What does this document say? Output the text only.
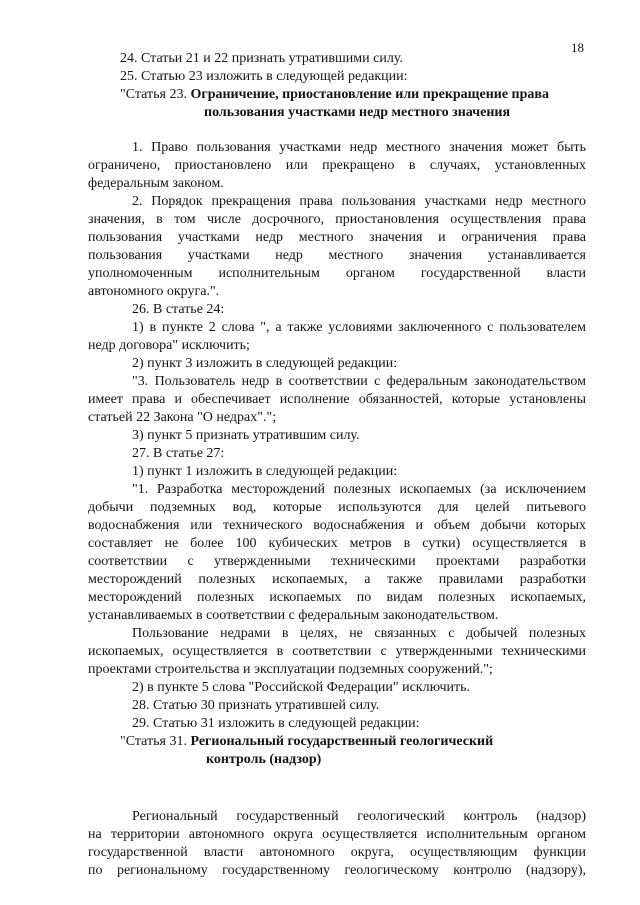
18
24. Статьи 21 и 22 признать утратившими силу.
25. Статью 23 изложить в следующей редакции:
"Статья 23. Ограничение, приостановление или прекращение права
пользования участками недр местного значения
1. Право пользования участками недр местного значения может быть
ограничено, приостановлено или прекращено в случаях, установленных
федеральным законом.
2. Порядок прекращения права пользования участками недр местного
значения, в том числе досрочного, приостановления осуществления права
пользования участками недр местного значения и ограничения права
пользования участками недр местного значения устанавливается
уполномоченным исполнительным органом государственной власти
автономного округа.".
26. В статье 24:
1) в пункте 2 слова ", а также условиями заключенного с пользователем
недр договора" исключить;
2) пункт 3 изложить в следующей редакции:
"3. Пользователь недр в соответствии с федеральным законодательством
имеет права и обеспечивает исполнение обязанностей, которые установлены
статьей 22 Закона "О недрах".";
3) пункт 5 признать утратившим силу.
27. В статье 27:
1) пункт 1 изложить в следующей редакции:
"1. Разработка месторождений полезных ископаемых (за исключением
добычи подземных вод, которые используются для целей питьевого
водоснабжения или технического водоснабжения и объем добычи которых
составляет не более 100 кубических метров в сутки) осуществляется в
соответствии с утвержденными техническими проектами разработки
месторождений полезных ископаемых, а также правилами разработки
месторождений полезных ископаемых по видам полезных ископаемых,
устанавливаемых в соответствии с федеральным законодательством.
Пользование недрами в целях, не связанных с добычей полезных
ископаемых, осуществляется в соответствии с утвержденными техническими
проектами строительства и эксплуатации подземных сооружений.";
2) в пункте 5 слова "Российской Федерации" исключить.
28. Статью 30 признать утратившей силу.
29. Статью 31 изложить в следующей редакции:
"Статья 31. Региональный государственный геологический
контроль (надзор)
Региональный государственный геологический контроль (надзор)
на территории автономного округа осуществляется исполнительным органом
государственной власти автономного округа, осуществляющим функции
по региональному государственному геологическому контролю (надзору),
